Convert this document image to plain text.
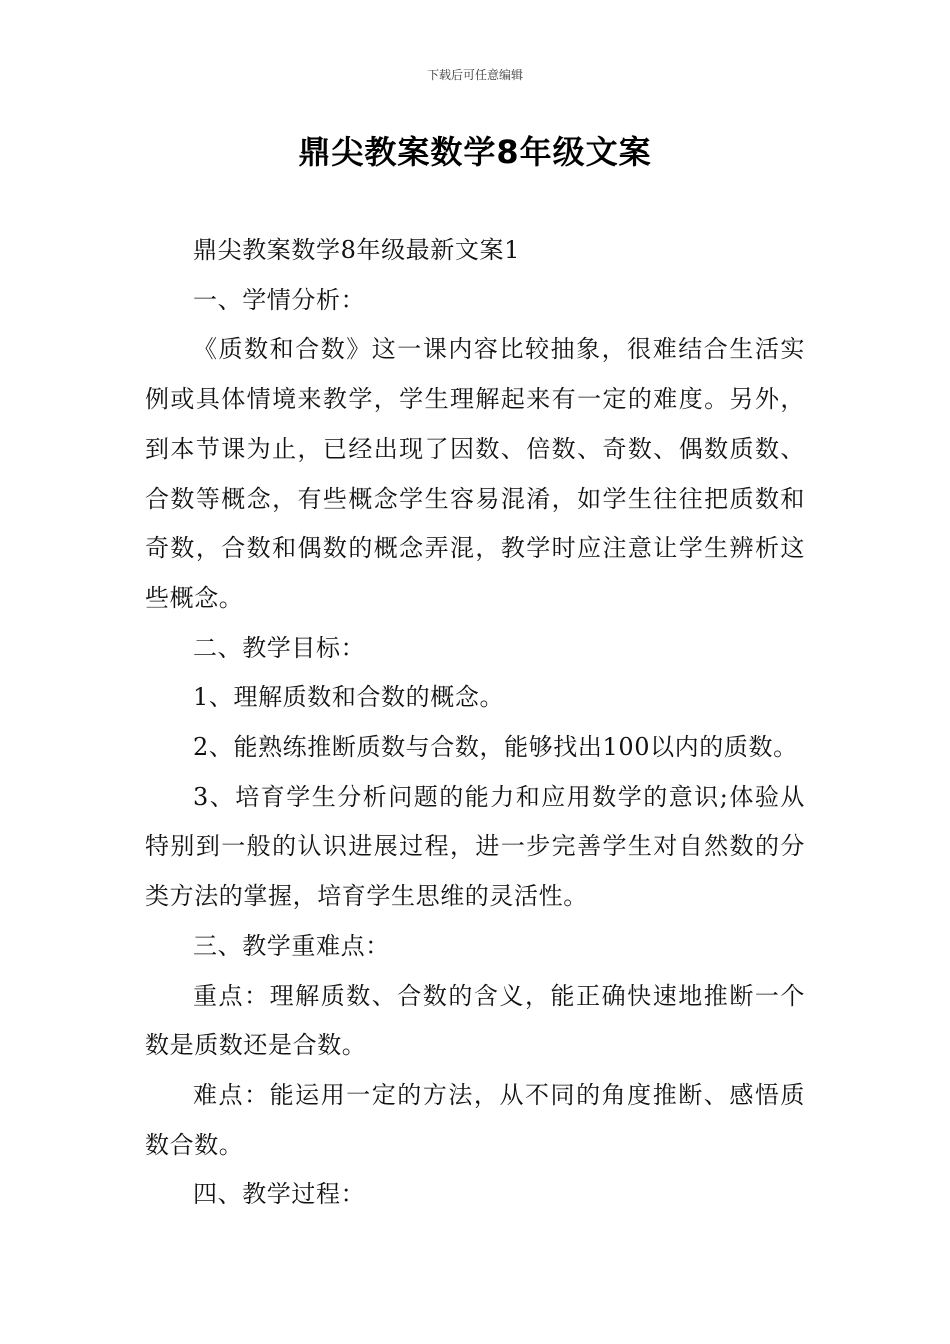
下载后可任意编辑
鼎尖教案数学8年级文案

鼎尖教案数学8年级最新文案1

一、学情分析：

《质数和合数》这一课内容比较抽象，很难结合生活实例或具体情境来教学，学生理解起来有一定的难度。另外，到本节课为止，已经出现了因数、倍数、奇数、偶数质数、合数等概念，有些概念学生容易混淆，如学生往往把质数和奇数，合数和偶数的概念弄混，教学时应注意让学生辨析这些概念。

二、教学目标：

1、理解质数和合数的概念。

2、能熟练推断质数与合数，能够找出100以内的质数。

3、培育学生分析问题的能力和应用数学的意识;体验从特别到一般的认识进展过程，进一步完善学生对自然数的分类方法的掌握，培育学生思维的灵活性。

三、教学重难点：

重点：理解质数、合数的含义，能正确快速地推断一个数是质数还是合数。

难点：能运用一定的方法，从不同的角度推断、感悟质数合数。

四、教学过程：
